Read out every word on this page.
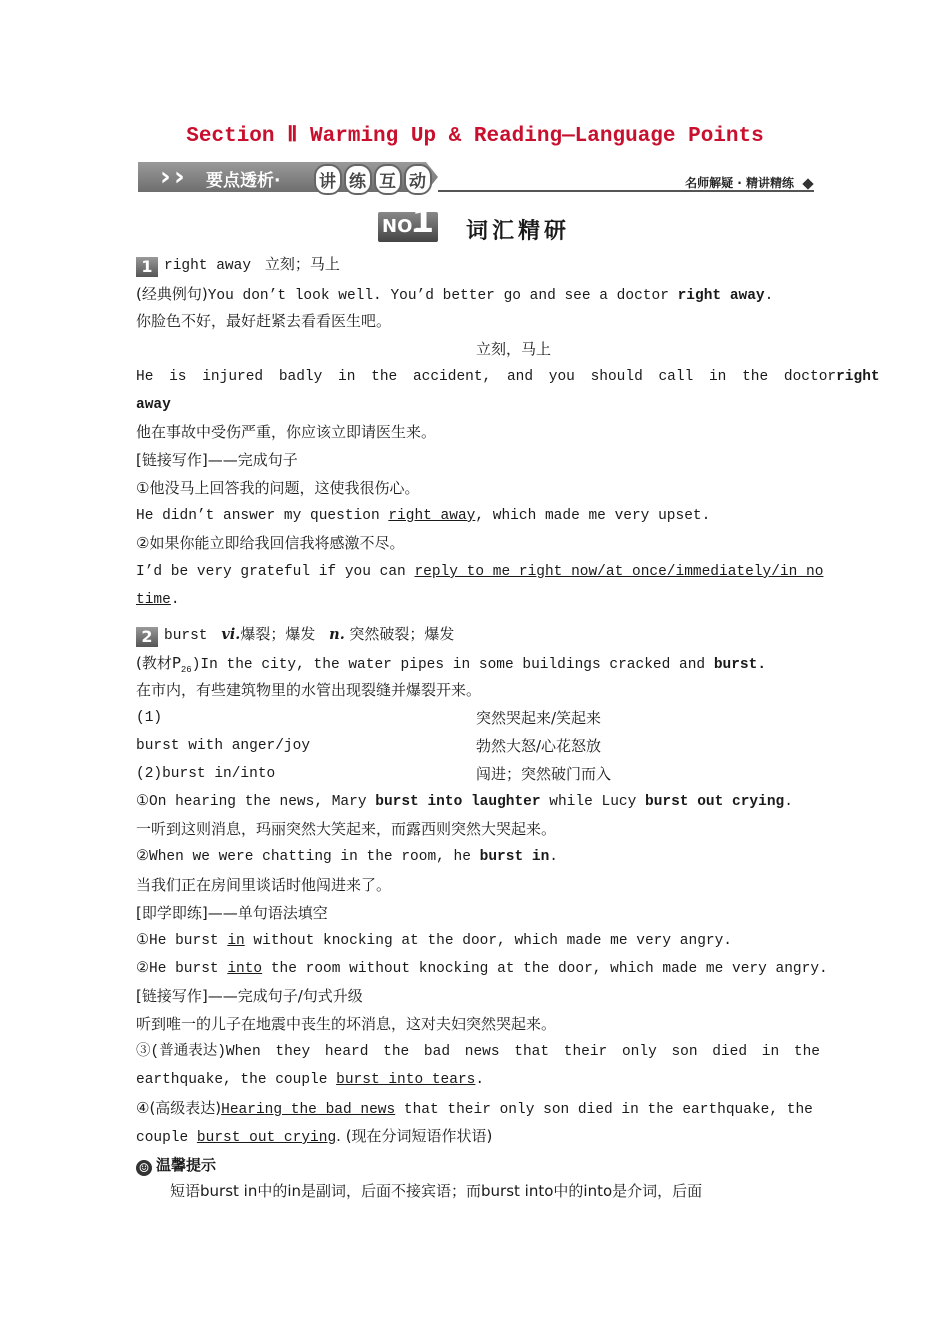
Section Ⅱ Warming Up & Reading—Language Points
› ›	要点透析· 讲 练 互 动	名师解疑 · 精讲精练
NO.
1 词汇精研
1 right away 立刻；马上
(经典例句)You don’t look well. You’d better go and see a doctor right away.
你脸色不好，最好赶紧去看看医生吧。
立刻，马上
He is injured badly in the accident, and you should call in the doctor right
away
他在事故中受伤严重，你应该立即请医生来。
[链接写作]——完成句子
①他没马上回答我的问题，这使我很伤心。
He didn’t answer my question right away, which made me very upset.
②如果你能立即给我回信我将感激不尽。
I’d be very grateful if you can reply to me right now/at once/immediately/in no
time.
2 burst vi.爆裂；爆发 n. 突然破裂；爆发
(教材$P_{26})In$ the city, the water pipes in some buildings cracked and burst.
在市内，有些建筑物里的水管出现裂缝并爆裂开来。
(1)	突然哭起来/笑起来
burst with anger/joy	勃然大怒/心花怒放
(2)burst in/into	闯进；突然破门而入
①On hearing the news, Mary burst into laughter while Lucy burst out crying.
一听到这则消息，玛丽突然大笑起来，而露西则突然大哭起来。
②When we were chatting in the room, he burst in.
当我们正在房间里谈话时他闯进来了。
[即学即练]——单句语法填空
①He burst in without knocking at the door, which made me very angry.
②He burst into the room without knocking at the door, which made me very angry.
[链接写作]——完成句子/句式升级
听到唯一的儿子在地震中丧生的坏消息，这对夫妇突然哭起来。
③(普通表达)When they heard the bad news that their only son died in the
earthquake, the couple burst into tears.
④(高级表达)Hearing the bad news that their only son died in the earthquake, the
couple burst out crying. (现在分词短语作状语)
☺ 温馨提示
短语burst in中的in是副词，后面不接宾语；而burst into中的into是介词，后面
